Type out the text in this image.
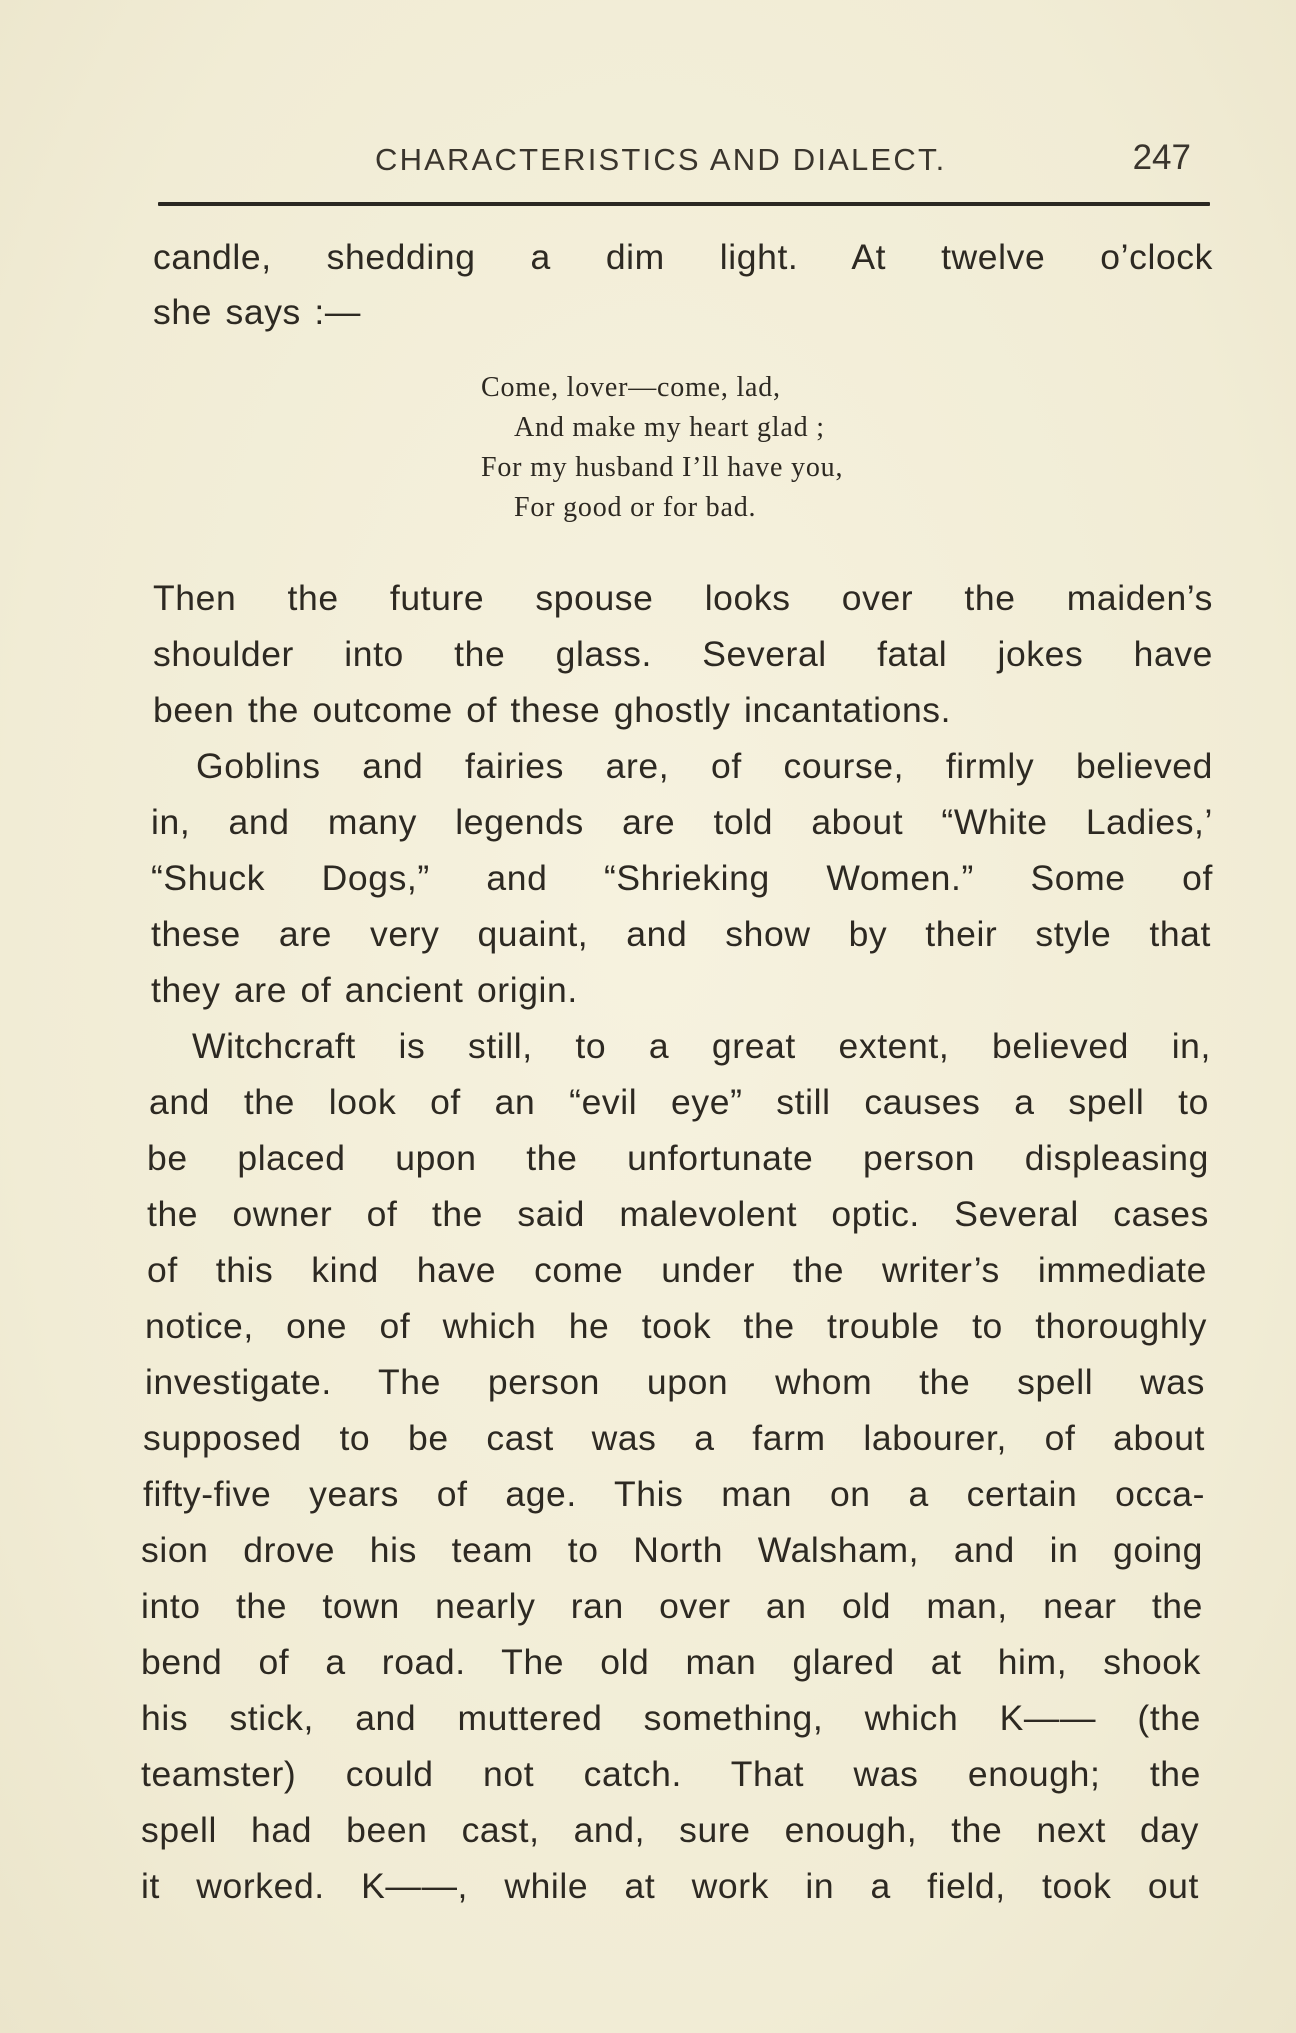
CHARACTERISTICS AND DIALECT.	247
candle, shedding a dim light. At twelve o’clock
she says :—
Come, lover—come, lad,
And make my heart glad ;
For my husband I’ll have you,
For good or for bad.
Then the future spouse looks over the maiden’s
shoulder into the glass. Several fatal jokes have
been the outcome of these ghostly incantations.
Goblins and fairies are, of course, firmly believed
in, and many legends are told about “White Ladies,’
“Shuck Dogs,” and “Shrieking Women.” Some of
these are very quaint, and show by their style that
they are of ancient origin.
Witchcraft is still, to a great extent, believed in,
and the look of an “evil eye” still causes a spell to
be placed upon the unfortunate person displeasing
the owner of the said malevolent optic. Several cases
of this kind have come under the writer’s immediate
notice, one of which he took the trouble to thoroughly
investigate. The person upon whom the spell was
supposed to be cast was a farm labourer, of about
fifty-five years of age. This man on a certain occa-
sion drove his team to North Walsham, and in going
into the town nearly ran over an old man, near the
bend of a road. The old man glared at him, shook
his stick, and muttered something, which K—— (the
teamster) could not catch. That was enough; the
spell had been cast, and, sure enough, the next day
it worked. K——, while at work in a field, took out
